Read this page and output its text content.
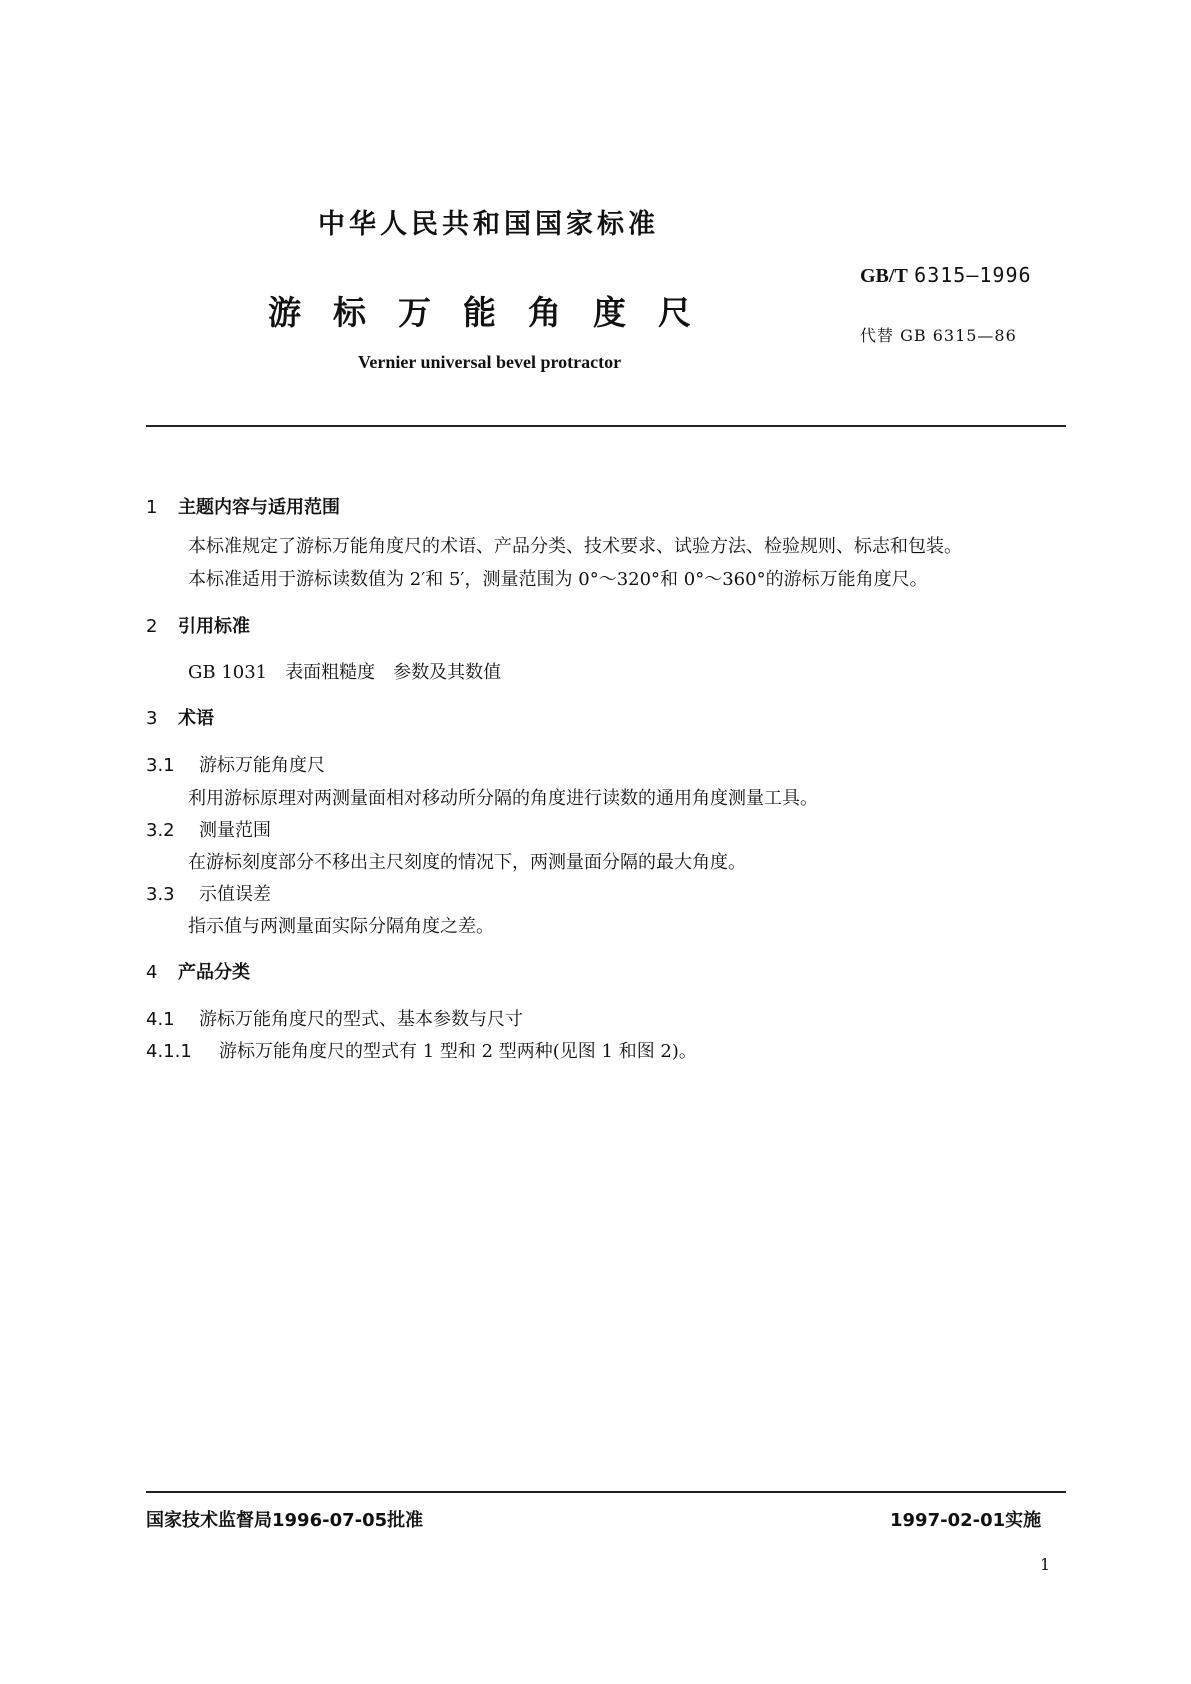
中华人民共和国国家标准
游标万能角度尺
Vernier universal bevel protractor
GB/T 6315—1996
代替 GB 6315—86
1 主题内容与适用范围
本标准规定了游标万能角度尺的术语、产品分类、技术要求、试验方法、检验规则、标志和包装。
本标准适用于游标读数值为 2′和 5′，测量范围为 0°～320°和 0°～360°的游标万能角度尺。
2 引用标准
GB 1031　表面粗糙度　参数及其数值
3 术语
3.1 游标万能角度尺
利用游标原理对两测量面相对移动所分隔的角度进行读数的通用角度测量工具。
3.2 测量范围
在游标刻度部分不移出主尺刻度的情况下，两测量面分隔的最大角度。
3.3 示值误差
指示值与两测量面实际分隔角度之差。
4 产品分类
4.1 游标万能角度尺的型式、基本参数与尺寸
4.1.1 游标万能角度尺的型式有 1 型和 2 型两种(见图 1 和图 2)。
国家技术监督局1996-07-05批准	1997-02-01实施
1
